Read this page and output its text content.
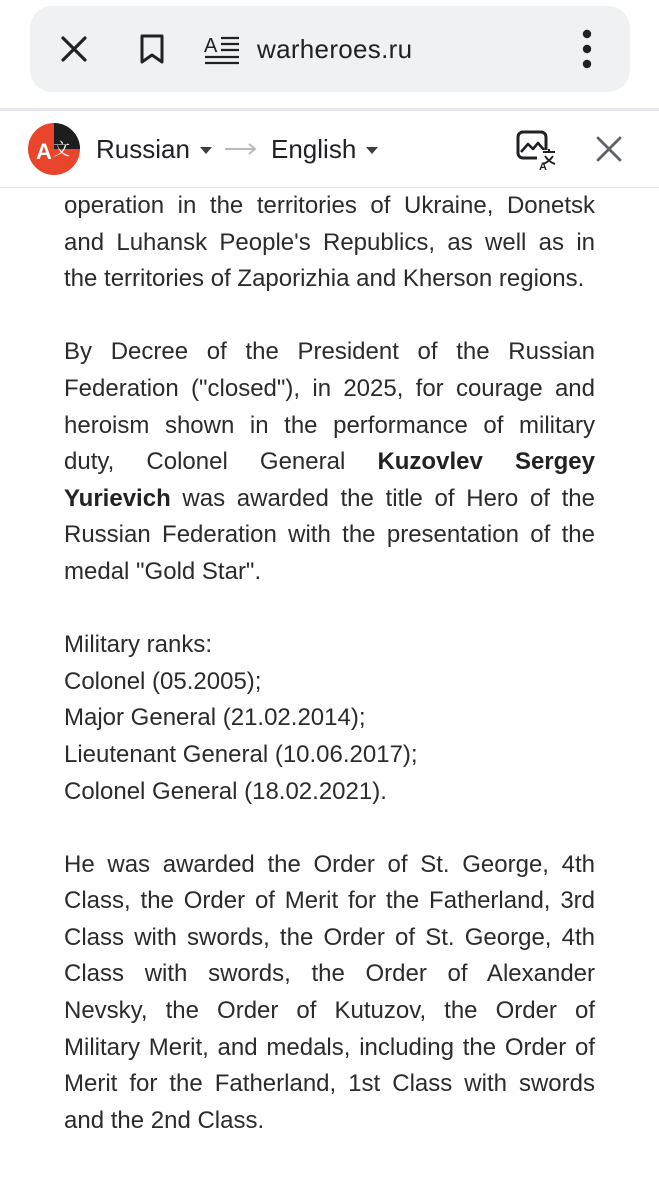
A warheroes.ru
A 文 Russian	English
A

operation in the territories of Ukraine, Donetsk and Luhansk People's Republics, as well as in the territories of Zaporizhia and Kherson regions.

By Decree of the President of the Russian Federation ("closed"), in 2025, for courage and heroism shown in the performance of military duty, Colonel General Kuzovlev Sergey Yurievich was awarded the title of Hero of the Russian Federation with the presentation of the medal "Gold Star".

Military ranks:
Colonel (05.2005);
Major General (21.02.2014);
Lieutenant General (10.06.2017);
Colonel General (18.02.2021).

He was awarded the Order of St. George, 4th Class, the Order of Merit for the Fatherland, 3rd Class with swords, the Order of St. George, 4th Class with swords, the Order of Alexander Nevsky, the Order of Kutuzov, the Order of Military Merit, and medals, including the Order of Merit for the Fatherland, 1st Class with swords and the 2nd Class.
